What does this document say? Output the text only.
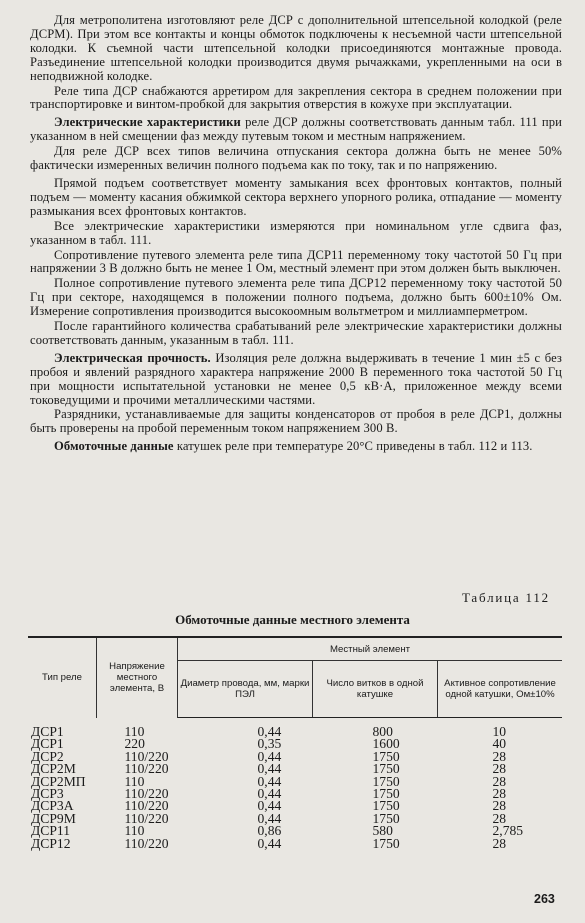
Для метрополитена изготовляют реле ДСР с дополнительной штепсельной колодкой (реле ДСРМ). При этом все контакты и концы обмоток подключены к несъемной части штепсельной колодки. К съемной части штепсельной колодки присоединяются монтажные провода. Разъединение штепсельной колодки производится двумя рычажками, укрепленными на оси в неподвижной колодке.

Реле типа ДСР снабжаются арретиром для закрепления сектора в среднем положении при транспортировке и винтом-пробкой для закрытия отверстия в кожухе при эксплуатации.

Электрические характеристики реле ДСР должны соответствовать данным табл. 111 при указанном в ней смещении фаз между путевым током и местным напряжением.

Для реле ДСР всех типов величина отпускания сектора должна быть не менее 50% фактически измеренных величин полного подъема как по току, так и по напряжению.

Прямой подъем соответствует моменту замыкания всех фронтовых контактов, полный подъем — моменту касания обжимкой сектора верхнего упорного ролика, отпадание — моменту размыкания всех фронтовых контактов.

Все электрические характеристики измеряются при номинальном угле сдвига фаз, указанном в табл. 111.

Сопротивление путевого элемента реле типа ДСР11 переменному току частотой 50 Гц при напряжении 3 В должно быть не менее 1 Ом, местный элемент при этом должен быть выключен.

Полное сопротивление путевого элемента реле типа ДСР12 переменному току частотой 50 Гц при секторе, находящемся в положении полного подъема, должно быть 600±10% Ом. Измерение сопротивления производится высокоомным вольтметром и миллиамперметром.

После гарантийного количества срабатываний реле электрические характеристики должны соответствовать данным, указанным в табл. 111.

Электрическая прочность. Изоляция реле должна выдерживать в течение 1 мин ±5 с без пробоя и явлений разрядного характера напряжение 2000 В переменного тока частотой 50 Гц при мощности испытательной установки не менее 0,5 кВ·А, приложенное между всеми токоведущими и прочими металлическими частями.

Разрядники, устанавливаемые для защиты конденсаторов от пробоя в реле ДСР1, должны быть проверены на пробой переменным током напряжением 300 В.

Обмоточные данные катушек реле при температуре 20°С приведены в табл. 112 и 113.

Таблица 112
Обмоточные данные местного элемента
Тип реле	Напряжение местного элемента, В	Местный элемент		
		Диаметр провода, мм, марки ПЭЛ	Число витков в одной катушке	Активное сопротивление одной катушки, Ом±10%
ДСР1	110	0,44	800	10
ДСР1	220	0,35	1600	40
ДСР2	110/220	0,44	1750	28
ДСР2М	110/220	0,44	1750	28
ДСР2МП	110	0,44	1750	28
ДСР3	110/220	0,44	1750	28
ДСР3А	110/220	0,44	1750	28
ДСР9М	110/220	0,44	1750	28
ДСР11	110	0,86	580	2,785
ДСР12	110/220	0,44	1750	28
263
